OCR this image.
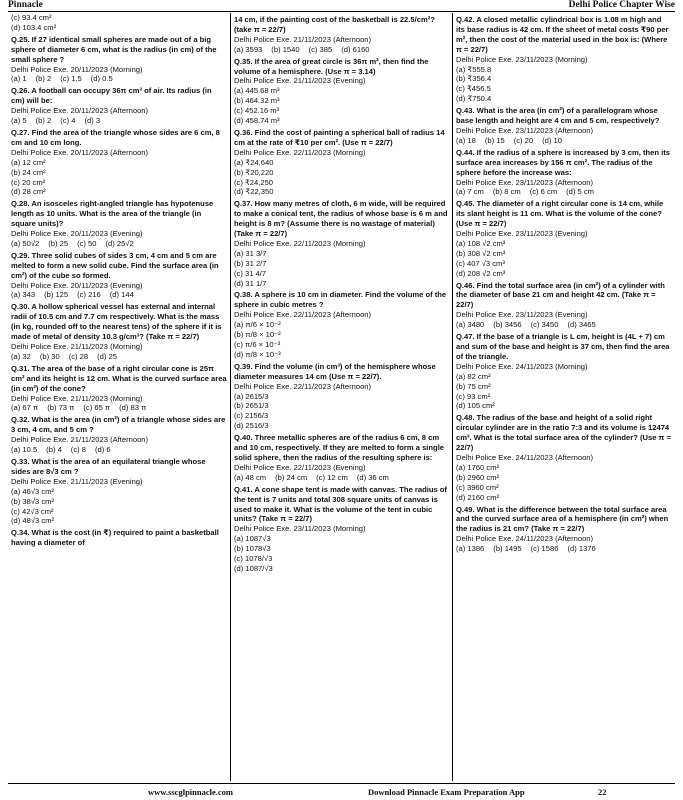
Pinnacle	Delhi Police Chapter Wise
(c) 93.4 cm²
(d) 103.4 cm²
Q.25. If 27 identical small spheres are made out of a big sphere of diameter 6 cm, what is the radius (in cm) of the small sphere ?
Delhi Police Exe. 20/11/2023 (Morning)
(a) 1 (b) 2 (c) 1.5 (d) 0.5
Q.26. A football can occupy 36π cm³ of air. Its radius (in cm) will be:
Delhi Police Exe. 20/11/2023 (Afternoon)
(a) 5 (b) 2 (c) 4 (d) 3
Q.27. Find the area of the triangle whose sides are 6 cm, 8 cm and 10 cm long.
Delhi Police Exe. 20/11/2023 (Afternoon)
(a) 12 cm²
(b) 24 cm²
(c) 20 cm²
(d) 28 cm²
Q.28. An isosceles right-angled triangle has hypotenuse length as 10 units. What is the area of the triangle (in square units)?
Delhi Police Exe. 20/11/2023 (Evening)
(a) 50√2 (b) 25 (c) 50 (d) 25√2
Q.29. Three solid cubes of sides 3 cm, 4 cm and 5 cm are melted to form a new solid cube. Find the surface area (in cm²) of the cube so formed.
Delhi Police Exe. 20/11/2023 (Evening)
(a) 343 (b) 125 (c) 216 (d) 144
Q.30. A hollow spherical vessel has external and internal radii of 10.5 cm and 7.7 cm respectively. What is the mass (in kg, rounded off to the nearest tens) of the sphere if it is made of metal of density 10.3 g/cm³? (Take π = 22/7)
Delhi Police Exe. 21/11/2023 (Morning)
(a) 32 (b) 30 (c) 28 (d) 25
Q.31. The area of the base of a right circular cone is 25π cm² and its height is 12 cm. What is the curved surface area (in cm²) of the cone?
Delhi Police Exe. 21/11/2023 (Morning)
(a) 67 π (b) 73 π (c) 65 π (d) 83 π
Q.32. What is the area (in cm²) of a triangle whose sides are 3 cm, 4 cm, and 5 cm ?
Delhi Police Exe. 21/11/2023 (Afternoon)
(a) 10.5 (b) 4 (c) 8 (d) 6
Q.33. What is the area of an equilateral triangle whose sides are 8√3 cm ?
Delhi Police Exe. 21/11/2023 (Evening)
(a) 46√3 cm²
(b) 38√3 cm²
(c) 42√3 cm²
(d) 48√3 cm²
Q.34. What is the cost (in ₹) required to paint a basketball having a diameter of
14 cm, if the painting cost of the basketball is 22.5/cm²? (take π = 22/7)
Delhi Police Exe. 21/11/2023 (Afternoon)
(a) 3593 (b) 1540 (c) 385 (d) 6160
Q.35. If the area of great circle is 36π m², then find the volume of a hemisphere. (Use π = 3.14)
Delhi Police Exe. 21/11/2023 (Evening)
(a) 445.68 m³
(b) 464.32 m³
(c) 452.16 m³
(d) 458.74 m³
Q.36. Find the cost of painting a spherical ball of radius 14 cm at the rate of ₹10 per cm². (Use π = 22/7)
Delhi Police Exe. 22/11/2023 (Morning)
(a) ₹24,640
(b) ₹20,220
(c) ₹24,250
(d) ₹22,350
Q.37. How many metres of cloth, 6 m wide, will be required to make a conical tent, the radius of whose base is 6 m and height is 8 m? (Assume there is no wastage of material) (Take π = 22/7)
Delhi Police Exe. 22/11/2023 (Morning)
(a) 31 3/7
(b) 31 2/7
(c) 31 4/7
(d) 31 1/7
Q.38. A sphere is 10 cm in diameter. Find the volume of the sphere in cubic metres ?
Delhi Police Exe. 22/11/2023 (Afternoon)
(a) π/6 × 10⁻²
(b) π/8 × 10⁻²
(c) π/6 × 10⁻³
(d) π/8 × 10⁻³
Q.39. Find the volume (in cm³) of the hemisphere whose diameter measures 14 cm (Use π = 22/7).
Delhi Police Exe. 22/11/2023 (Afternoon)
(a) 2615/3
(b) 2651/3
(c) 2156/3
(d) 2516/3
Q.40. Three metallic spheres are of the radius 6 cm, 8 cm and 10 cm, respectively. If they are melted to form a single solid sphere, then the radius of the resulting sphere is:
Delhi Police Exe. 22/11/2023 (Evening)
(a) 48 cm (b) 24 cm (c) 12 cm (d) 36 cm
Q.41. A cone shape tent is made with canvas. The radius of the tent is 7 units and total 308 square units of canvas is used to make it. What is the volume of the tent in cubic units? (Take π = 22/7)
Delhi Police Exe. 23/11/2023 (Morning)
(a) 1087√3
(b) 1078√3
(c) 1078/√3
(d) 1087/√3
Q.42. A closed metallic cylindrical box is 1.08 m high and its base radius is 42 cm. If the sheet of metal costs ₹90 per m², then the cost of the material used in the box is: (Where π = 22/7)
Delhi Police Exe. 23/11/2023 (Morning)
(a) ₹555.8
(b) ₹356.4
(c) ₹456.5
(d) ₹750.4
Q.43. What is the area (in cm²) of a parallelogram whose base length and height are 4 cm and 5 cm, respectively?
Delhi Police Exe. 23/11/2023 (Afternoon)
(a) 18 (b) 15 (c) 20 (d) 10
Q.44. If the radius of a sphere is increased by 3 cm, then its surface area increases by 156 π cm². The radius of the sphere before the increase was:
Delhi Police Exe. 23/11/2023 (Afternoon)
(a) 7 cm (b) 8 cm (c) 6 cm (d) 5 cm
Q.45. The diameter of a right circular cone is 14 cm, while its slant height is 11 cm. What is the volume of the cone? (Use π = 22/7)
Delhi Police Exe. 23/11/2023 (Evening)
(a) 108 √2 cm³
(b) 308 √2 cm³
(c) 407 √3 cm³
(d) 208 √2 cm³
Q.46. Find the total surface area (in cm²) of a cylinder with the diameter of base 21 cm and height 42 cm. (Take π = 22/7)
Delhi Police Exe. 23/11/2023 (Evening)
(a) 3480 (b) 3456 (c) 3450 (d) 3465
Q.47. If the base of a triangle is L cm, height is (4L + 7) cm and sum of the base and height is 37 cm, then find the area of the triangle.
Delhi Police Exe. 24/11/2023 (Morning)
(a) 82 cm²
(b) 75 cm²
(c) 93 cm²
(d) 105 cm²
Q.48. The radius of the base and height of a solid right circular cylinder are in the ratio 7:3 and its volume is 12474 cm³. What is the total surface area of the cylinder? (Use π = 22/7)
Delhi Police Exe. 24/11/2023 (Afternoon)
(a) 1760 cm²
(b) 2960 cm²
(c) 3960 cm²
(d) 2160 cm²
Q.49. What is the difference between the total surface area and the curved surface area of a hemisphere (in cm²) when the radius is 21 cm? (Take π = 22/7)
Delhi Police Exe. 24/11/2023 (Afternoon)
(a) 1386 (b) 1495 (c) 1586 (d) 1376
www.sscglpinnacle.com	Download Pinnacle Exam Preparation App	22
